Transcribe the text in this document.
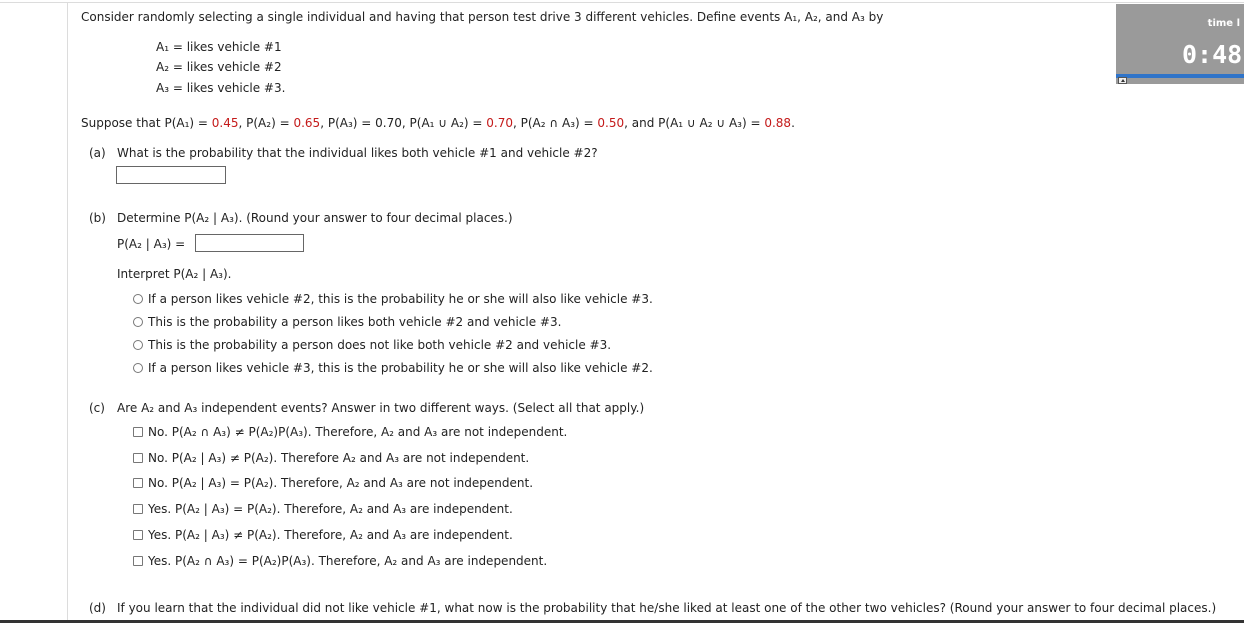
time l
0:48
Consider randomly selecting a single individual and having that person test drive 3 different vehicles. Define events A₁, A₂, and A₃ by
A₁ = likes vehicle #1
A₂ = likes vehicle #2
A₃ = likes vehicle #3.
Suppose that P(A₁) = 0.45, P(A₂) = 0.65, P(A₃) = 0.70, P(A₁ ∪ A₂) = 0.70, P(A₂ ∩ A₃) = 0.50, and P(A₁ ∪ A₂ ∪ A₃) = 0.88.
(a) What is the probability that the individual likes both vehicle #1 and vehicle #2?
(b) Determine P(A₂ | A₃). (Round your answer to four decimal places.)
P(A₂ | A₃) =
Interpret P(A₂ | A₃).
If a person likes vehicle #2, this is the probability he or she will also like vehicle #3.
This is the probability a person likes both vehicle #2 and vehicle #3.
This is the probability a person does not like both vehicle #2 and vehicle #3.
If a person likes vehicle #3, this is the probability he or she will also like vehicle #2.
(c) Are A₂ and A₃ independent events? Answer in two different ways. (Select all that apply.)
No. P(A₂ ∩ A₃) ≠ P(A₂)P(A₃). Therefore, A₂ and A₃ are not independent.
No. P(A₂ | A₃) ≠ P(A₂). Therefore A₂ and A₃ are not independent.
No. P(A₂ | A₃) = P(A₂). Therefore, A₂ and A₃ are not independent.
Yes. P(A₂ | A₃) = P(A₂). Therefore, A₂ and A₃ are independent.
Yes. P(A₂ | A₃) ≠ P(A₂). Therefore, A₂ and A₃ are independent.
Yes. P(A₂ ∩ A₃) = P(A₂)P(A₃). Therefore, A₂ and A₃ are independent.
(d) If you learn that the individual did not like vehicle #1, what now is the probability that he/she liked at least one of the other two vehicles? (Round your answer to four decimal places.)
